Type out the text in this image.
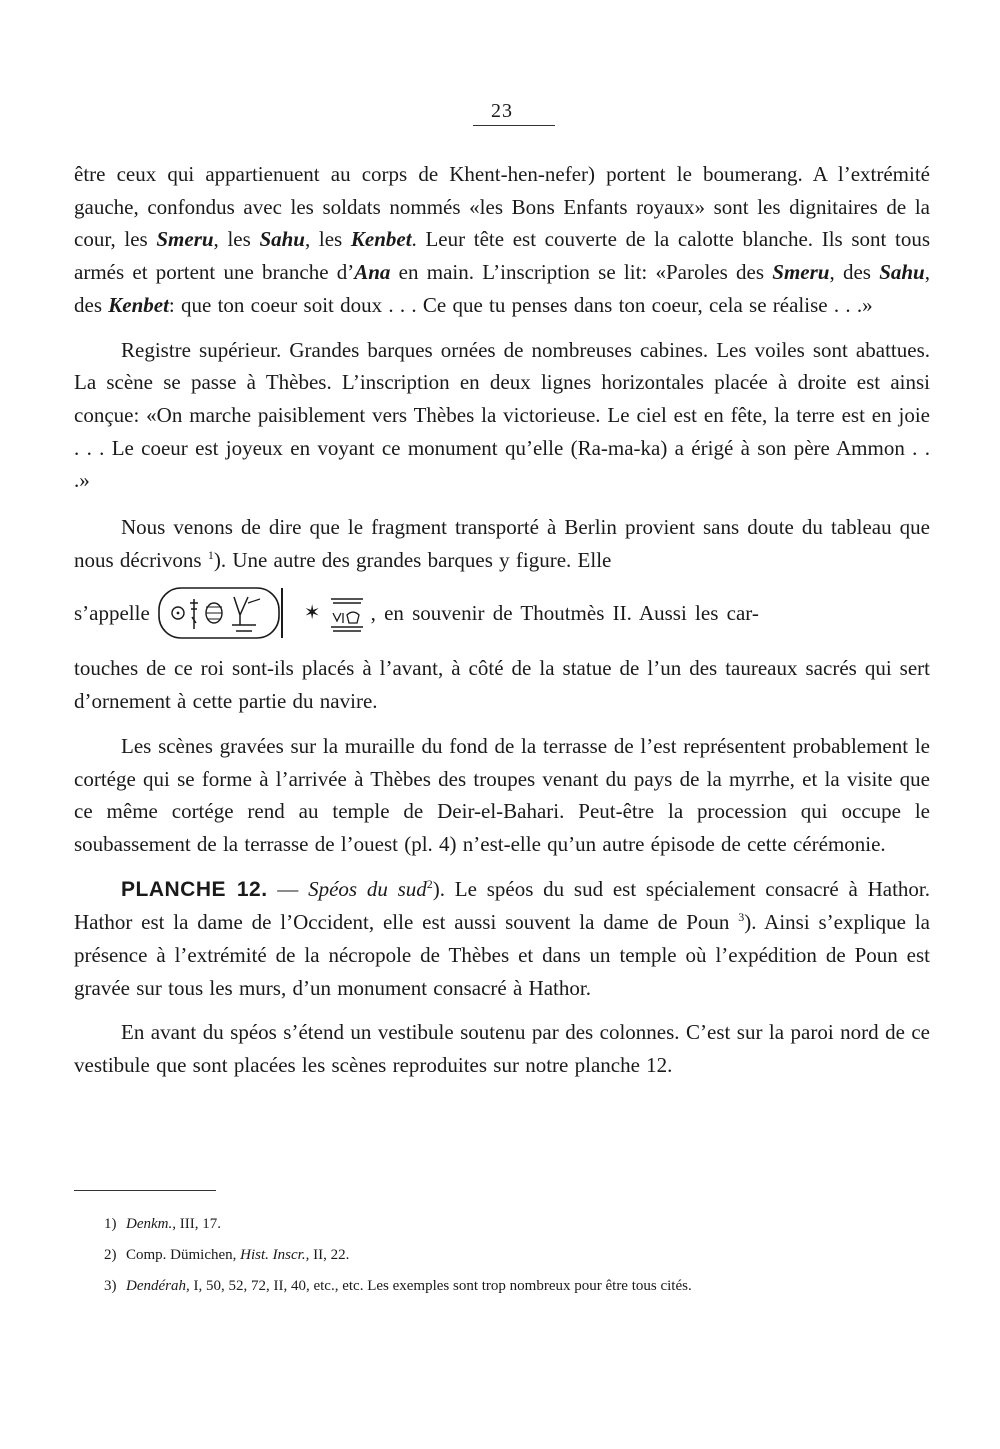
23

être ceux qui appartienuent au corps de Khent-hen-nefer) portent le boumerang. A l’extrémité gauche, confondus avec les soldats nommés «les Bons Enfants royaux» sont les dignitaires de la cour, les Smeru, les Sahu, les Kenbet. Leur tête est couverte de la calotte blanche. Ils sont tous armés et portent une branche d’Ana en main. L’inscription se lit: «Paroles des Smeru, des Sahu, des Kenbet: que ton coeur soit doux . . . Ce que tu penses dans ton coeur, cela se réalise . . .»

Registre supérieur. Grandes barques ornées de nombreuses cabines. Les voiles sont abattues. La scène se passe à Thèbes. L’inscription en deux lignes horizontales placée à droite est ainsi conçue: «On marche paisiblement vers Thèbes la victorieuse. Le ciel est en fête, la terre est en joie . . . Le coeur est joyeux en voyant ce monument qu’elle (Ra-ma-ka) a érigé à son père Ammon . . .»

Nous venons de dire que le fragment transporté à Berlin provient sans doute du tableau que nous décrivons $^1$). Une autre des grandes barques y figure. Elle

s’appelle	✶ , en souvenir de Thoutmès II. Aussi les car-

touches de ce roi sont-ils placés à l’avant, à côté de la statue de l’un des taureaux sacrés qui sert d’ornement à cette partie du navire.

Les scènes gravées sur la muraille du fond de la terrasse de l’est représentent probablement le cortége qui se forme à l’arrivée à Thèbes des troupes venant du pays de la myrrhe, et la visite que ce même cortége rend au temple de Deir-el-Bahari. Peut-être la procession qui occupe le soubassement de la terrasse de l’ouest (pl. 4) n’est-elle qu’un autre épisode de cette cérémonie.

PLANCHE 12. — Spéos du sud$^2$). Le spéos du sud est spécialement consacré à Hathor. Hathor est la dame de l’Occident, elle est aussi souvent la dame de Poun $^3$). Ainsi s’explique la présence à l’extrémité de la nécropole de Thèbes et dans un temple où l’expédition de Poun est gravée sur tous les murs, d’un monument consacré à Hathor.

En avant du spéos s’étend un vestibule soutenu par des colonnes. C’est sur la paroi nord de ce vestibule que sont placées les scènes reproduites sur notre planche 12.

1) Denkm., III, 17.
2) Comp. Dümichen, Hist. Inscr., II, 22.
3) Dendérah, I, 50, 52, 72, II, 40, etc., etc. Les exemples sont trop nombreux pour être tous cités.
